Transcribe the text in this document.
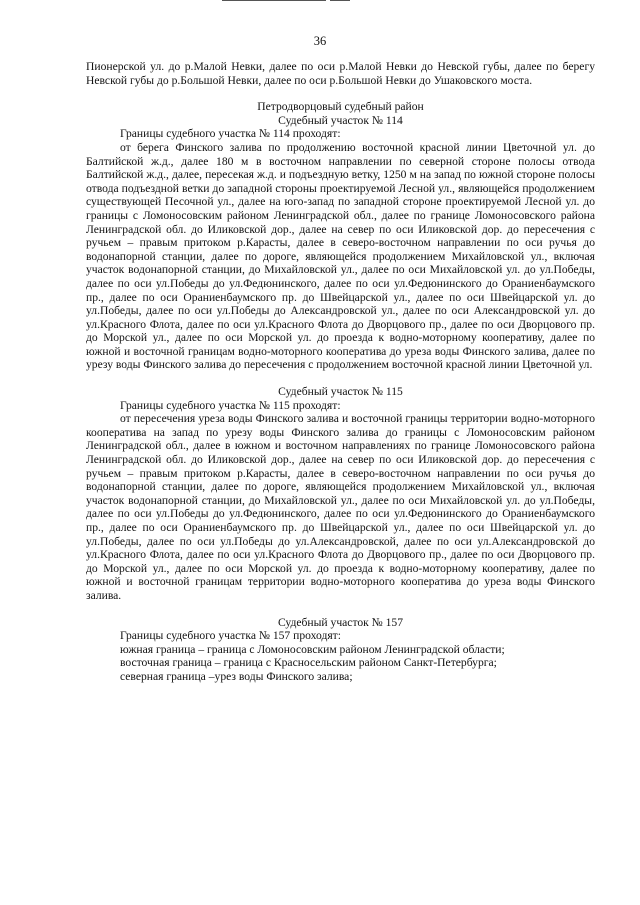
36

Пионерской ул. до р.Малой Невки, далее по оси р.Малой Невки до Невской губы, далее по берегу Невской губы до р.Большой Невки, далее по оси р.Большой Невки до Ушаковского моста.

Петродворцовый судебный район

Судебный участок № 114

Границы судебного участка № 114 проходят:

от берега Финского залива по продолжению восточной красной линии Цветочной ул. до Балтийской ж.д., далее 180 м в восточном направлении по северной стороне полосы отвода Балтийской ж.д., далее, пересекая ж.д. и подъездную ветку, 1250 м на запад по южной стороне полосы отвода подъездной ветки до западной стороны проектируемой Лесной ул., являющейся продолжением существующей Песочной ул., далее на юго-запад по западной стороне проектируемой Лесной ул. до границы с Ломоносовским районом Ленинградской обл., далее по границе Ломоносовского района Ленинградской обл. до Иликовской дор., далее на север по оси Иликовской дор. до пересечения с ручьем – правым притоком р.Караcты, далее в северо-восточном направлении по оси ручья до водонапорной станции, далее по дороге, являющейся продолжением Михайловской ул., включая участок водонапорной станции, до Михайловской ул., далее по оси Михайловской ул. до ул.Победы, далее по оси ул.Победы до ул.Федюнинского, далее по оси ул.Федюнинского до Ораниенбаумского пр., далее по оси Ораниенбаумского пр. до Швейцарской ул., далее по оси Швейцарской ул. до ул.Победы, далее по оси ул.Победы до Александровской ул., далее по оси Александровской ул. до ул.Красного Флота, далее по оси ул.Красного Флота до Дворцового пр., далее по оси Дворцового пр. до Морской ул., далее по оси Морской ул. до проезда к водно-моторному кооперативу, далее по южной и восточной границам водно-моторного кооператива до уреза воды Финского залива, далее по урезу воды Финского залива до пересечения с продолжением восточной красной линии Цветочной ул.

Судебный участок № 115

Границы судебного участка № 115 проходят:

от пересечения уреза воды Финского залива и восточной границы территории водно-моторного кооператива на запад по урезу воды Финского залива до границы с Ломоносовским районом Ленинградской обл., далее в южном и восточном направлениях по границе Ломоносовского района Ленинградской обл. до Иликовской дор., далее на север по оси Иликовской дор. до пересечения с ручьем – правым притоком р.Караcты, далее в северо-восточном направлении по оси ручья до водонапорной станции, далее по дороге, являющейся продолжением Михайловской ул., включая участок водонапорной станции, до Михайловской ул., далее по оси Михайловской ул. до ул.Победы, далее по оси ул.Победы до ул.Федюнинского, далее по оси ул.Федюнинского до Ораниенбаумского пр., далее по оси Ораниенбаумского пр. до Швейцарской ул., далее по оси Швейцарской ул. до ул.Победы, далее по оси ул.Победы до ул.Александровской, далее по оси ул.Александровской до ул.Красного Флота, далее по оси ул.Красного Флота до Дворцового пр., далее по оси Дворцового пр. до Морской ул., далее по оси Морской ул. до проезда к водно-моторному кооперативу, далее по южной и восточной границам территории водно-моторного кооператива до уреза воды Финского залива.

Судебный участок № 157

Границы судебного участка № 157 проходят:

южная граница – граница с Ломоносовским районом Ленинградской области;

восточная граница – граница с Красносельским районом Санкт-Петербурга;

северная граница –урез воды Финского залива;
